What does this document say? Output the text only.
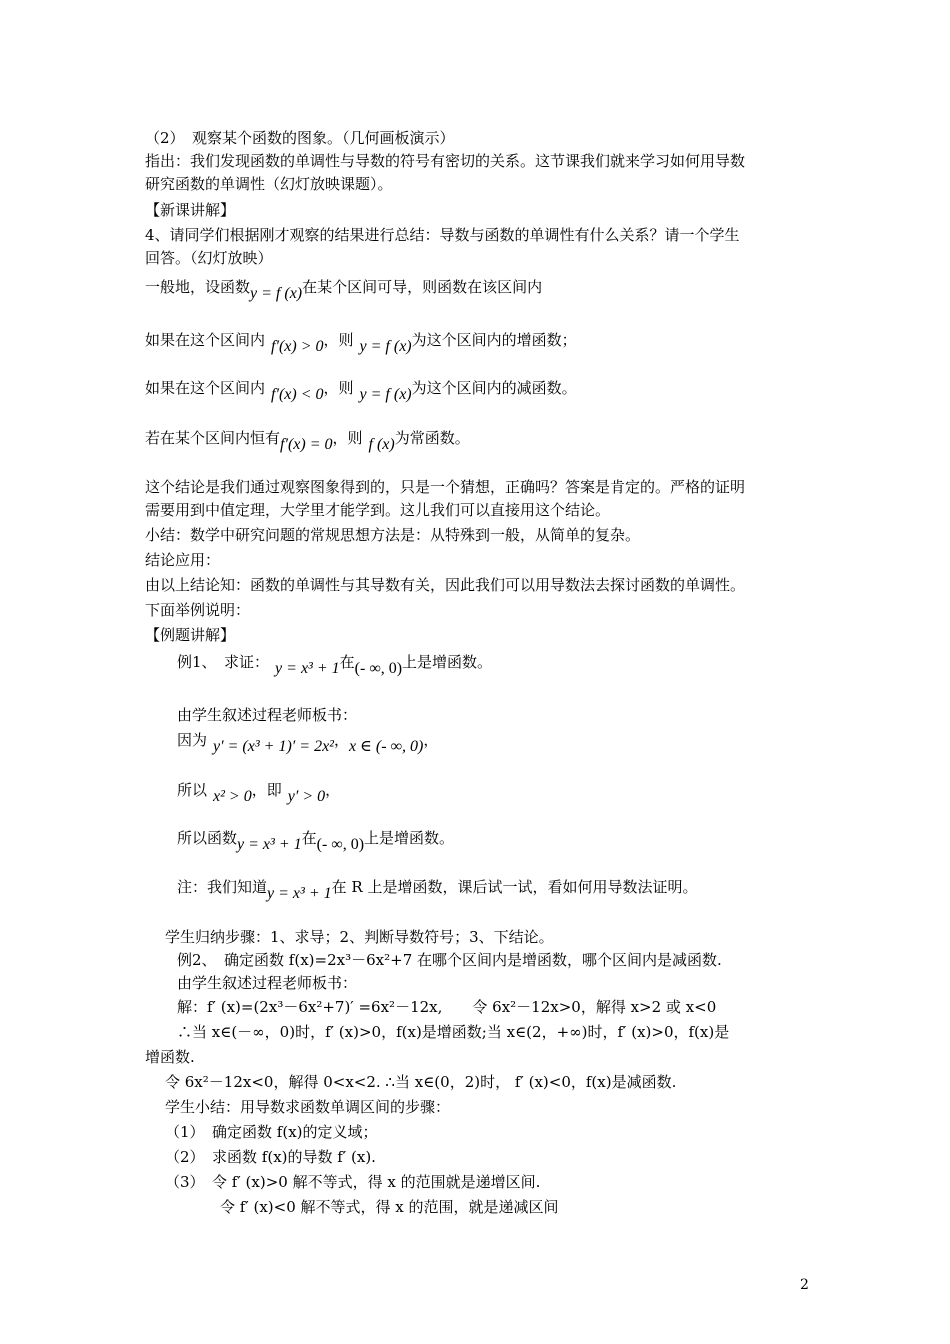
（2）　观察某个函数的图象。（几何画板演示）
指出：我们发现函数的单调性与导数的符号有密切的关系。这节课我们就来学习如何用导数
研究函数的单调性（幻灯放映课题）。
【新课讲解】
4、请同学们根据刚才观察的结果进行总结：导数与函数的单调性有什么关系？请一个学生
回答。（幻灯放映）
一般地，设函数y = f (x)在某个区间可导，则函数在该区间内
如果在这个区间内 f′(x) > 0，则 y = f (x)为这个区间内的增函数；
如果在这个区间内 f′(x) < 0，则 y = f (x)为这个区间内的减函数。
若在某个区间内恒有f′(x) = 0，则 f (x)为常函数。
这个结论是我们通过观察图象得到的，只是一个猜想，正确吗？答案是肯定的。严格的证明
需要用到中值定理，大学里才能学到。这儿我们可以直接用这个结论。
小结：数学中研究问题的常规思想方法是：从特殊到一般，从简单的复杂。
结论应用：
由以上结论知：函数的单调性与其导数有关，因此我们可以用导数法去探讨函数的单调性。
下面举例说明：
【例题讲解】
例1、　求证： y = x³ + 1在(- ∞, 0)上是增函数。
由学生叙述过程老师板书：
因为 y′ = (x³ + 1)′ = 2x²，x ∈ (- ∞, 0)，
所以 x² > 0，即 y′ > 0，
所以函数y = x³ + 1在(- ∞, 0)上是增函数。
注：我们知道y = x³ + 1在 R 上是增函数，课后试一试，看如何用导数法证明。
学生归纳步骤：1、求导；2、判断导数符号；3、下结论。
例2、　确定函数 f(x)=2x³－6x²+7 在哪个区间内是增函数，哪个区间内是减函数.
由学生叙述过程老师板书：
解：f′ (x)=(2x³－6x²+7)′ =6x²－12x,　　令 6x²－12x>0，解得 x>2 或 x<0
∴当 x∈(－∞，0)时，f′ (x)>0，f(x)是增函数;当 x∈(2，+∞)时，f′ (x)>0，f(x)是
增函数.
令 6x²－12x<0，解得 0<x<2. ∴当 x∈(0，2)时， f′ (x)<0，f(x)是减函数.
学生小结：用导数求函数单调区间的步骤：
（1）　确定函数 f(x)的定义域；
（2）　求函数 f(x)的导数 f′ (x).
（3）　令 f′ (x)>0 解不等式，得 x 的范围就是递增区间.
令 f′ (x)<0 解不等式，得 x 的范围，就是递减区间
2
